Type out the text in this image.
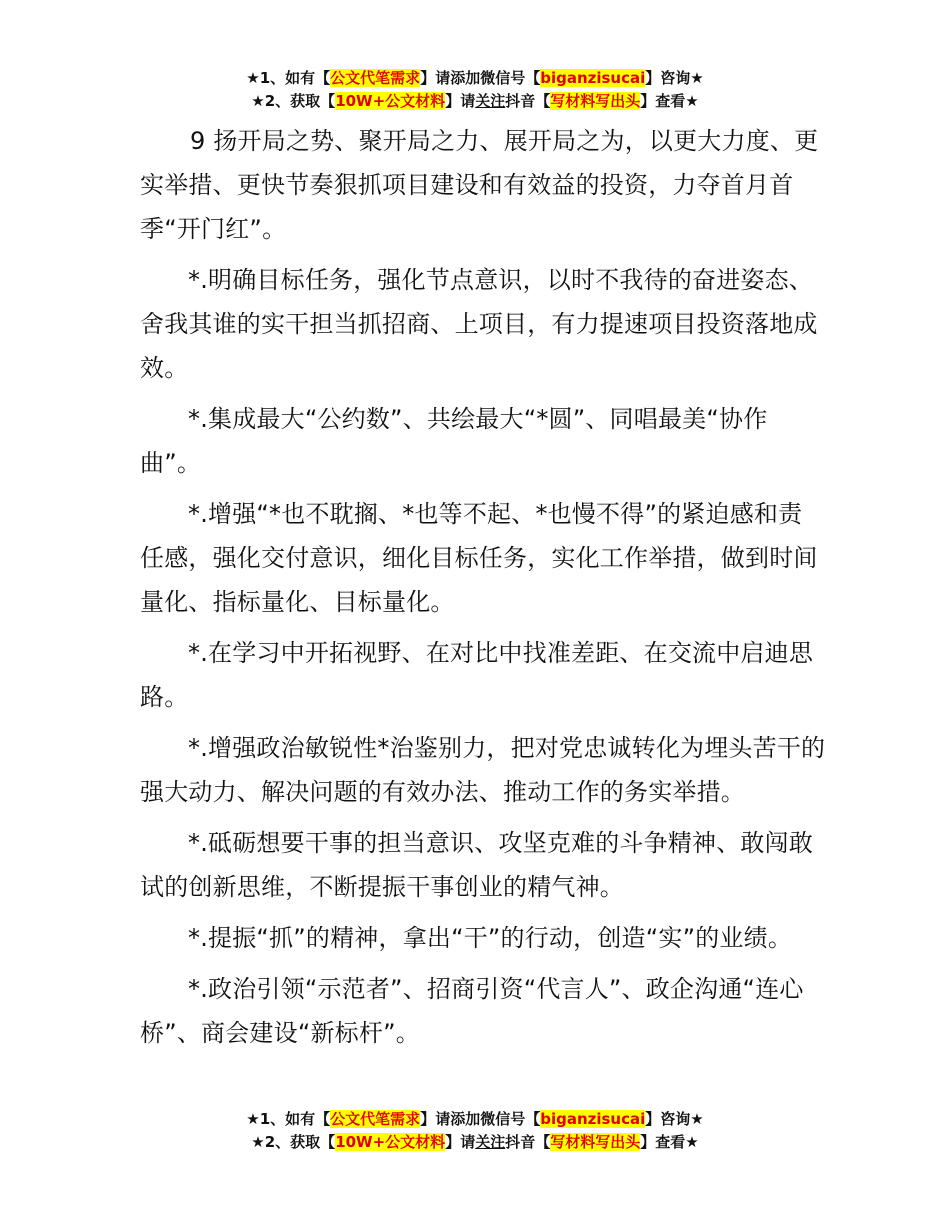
★1、如有【公文代笔需求】请添加微信号【biganzisucai】咨询★
★2、获取【10W+公文材料】请关注抖音【写材料写出头】查看★

9 扬开局之势、聚开局之力、展开局之为，以更大力度、更实举措、更快节奏狠抓项目建设和有效益的投资，力夺首月首季“开门红”。

*.明确目标任务，强化节点意识，以时不我待的奋进姿态、舍我其谁的实干担当抓招商、上项目，有力提速项目投资落地成效。

*.集成最大“公约数”、共绘最大“*圆”、同唱最美“协作曲”。

*.增强“*也不耽搁、*也等不起、*也慢不得”的紧迫感和责任感，强化交付意识，细化目标任务，实化工作举措，做到时间量化、指标量化、目标量化。

*.在学习中开拓视野、在对比中找准差距、在交流中启迪思路。

*.增强政治敏锐性*治鉴别力，把对党忠诚转化为埋头苦干的强大动力、解决问题的有效办法、推动工作的务实举措。

*.砥砺想要干事的担当意识、攻坚克难的斗争精神、敢闯敢试的创新思维，不断提振干事创业的精气神。

*.提振“抓”的精神，拿出“干”的行动，创造“实”的业绩。

*.政治引领“示范者”、招商引资“代言人”、政企沟通“连心桥”、商会建设“新标杆”。

★1、如有【公文代笔需求】请添加微信号【biganzisucai】咨询★
★2、获取【10W+公文材料】请关注抖音【写材料写出头】查看★
